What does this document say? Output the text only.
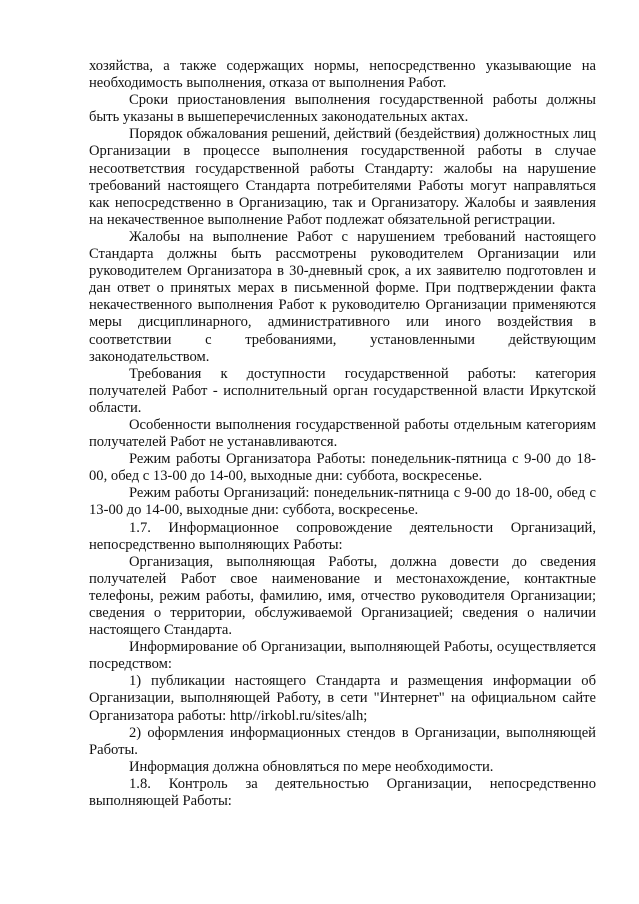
хозяйства, а также содержащих нормы, непосредственно указывающие на необходимость выполнения, отказа от выполнения Работ.

Сроки приостановления выполнения государственной работы должны быть указаны в вышеперечисленных законодательных актах.

Порядок обжалования решений, действий (бездействия) должностных лиц Организации в процессе выполнения государственной работы в случае несоответствия государственной работы Стандарту: жалобы на нарушение требований настоящего Стандарта потребителями Работы могут направляться как непосредственно в Организацию, так и Организатору. Жалобы и заявления на некачественное выполнение Работ подлежат обязательной регистрации.

Жалобы на выполнение Работ с нарушением требований настоящего Стандарта должны быть рассмотрены руководителем Организации или руководителем Организатора в 30-дневный срок, а их заявителю подготовлен и дан ответ о принятых мерах в письменной форме. При подтверждении факта некачественного выполнения Работ к руководителю Организации применяются меры дисциплинарного, административного или иного воздействия в соответствии с требованиями, установленными действующим законодательством.

Требования к доступности государственной работы: категория получателей Работ - исполнительный орган государственной власти Иркутской области.

Особенности выполнения государственной работы отдельным категориям получателей Работ не устанавливаются.

Режим работы Организатора Работы: понедельник-пятница с 9-00 до 18-00, обед с 13-00 до 14-00, выходные дни: суббота, воскресенье.

Режим работы Организаций: понедельник-пятница с 9-00 до 18-00, обед с 13-00 до 14-00, выходные дни: суббота, воскресенье.

1.7. Информационное сопровождение деятельности Организаций, непосредственно выполняющих Работы:

Организация, выполняющая Работы, должна довести до сведения получателей Работ свое наименование и местонахождение, контактные телефоны, режим работы, фамилию, имя, отчество руководителя Организации; сведения о территории, обслуживаемой Организацией; сведения о наличии настоящего Стандарта.

Информирование об Организации, выполняющей Работы, осуществляется посредством:

1) публикации настоящего Стандарта и размещения информации об Организации, выполняющей Работу, в сети "Интернет" на официальном сайте Организатора работы: http//irkobl.ru/sites/alh;

2) оформления информационных стендов в Организации, выполняющей Работы.

Информация должна обновляться по мере необходимости.

1.8. Контроль за деятельностью Организации, непосредственно выполняющей Работы:
